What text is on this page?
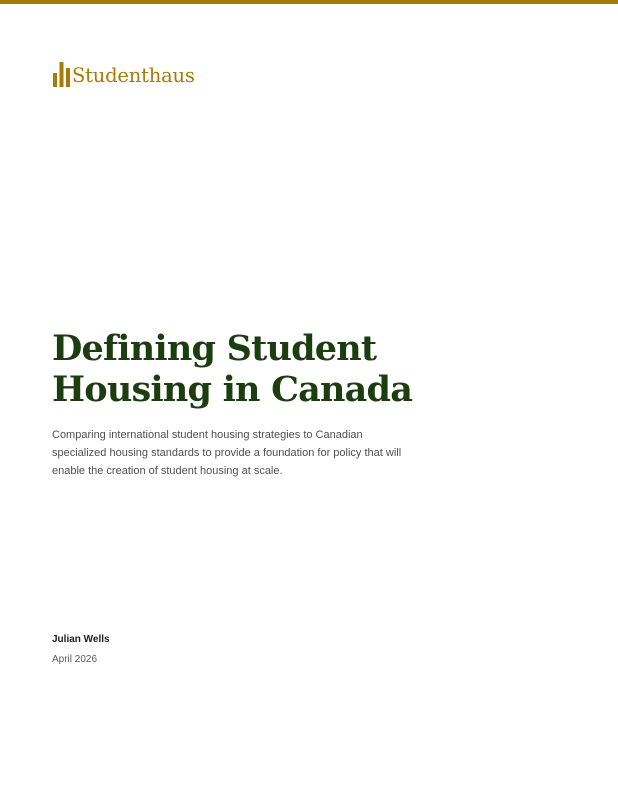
Studenthaus
Defining Student Housing in Canada

Comparing international student housing strategies to Canadian specialized housing standards to provide a foundation for policy that will enable the creation of student housing at scale.

Julian Wells

April 2026
